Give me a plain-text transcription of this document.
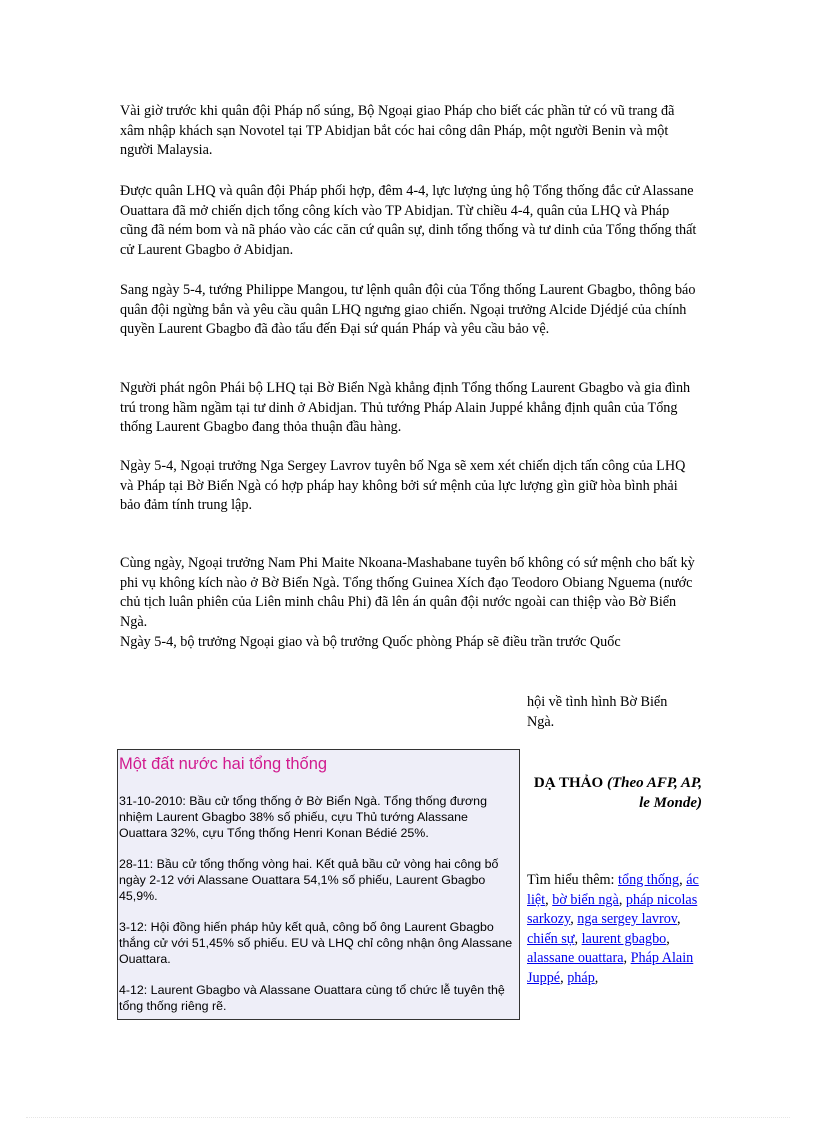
Vài giờ trước khi quân đội Pháp nổ súng, Bộ Ngoại giao Pháp cho biết các phần tử có vũ trang đã xâm nhập khách sạn Novotel tại TP Abidjan bắt cóc hai công dân Pháp, một người Benin và một người Malaysia.

Được quân LHQ và quân đội Pháp phối hợp, đêm 4-4, lực lượng ủng hộ Tổng thống đắc cử Alassane Ouattara đã mở chiến dịch tổng công kích vào TP Abidjan. Từ chiều 4-4, quân của LHQ và Pháp cũng đã ném bom và nã pháo vào các căn cứ quân sự, dinh tổng thống và tư dinh của Tổng thống thất cử Laurent Gbagbo ở Abidjan.

Sang ngày 5-4, tướng Philippe Mangou, tư lệnh quân đội của Tổng thống Laurent Gbagbo, thông báo quân đội ngừng bắn và yêu cầu quân LHQ ngưng giao chiến. Ngoại trưởng Alcide Djédjé của chính quyền Laurent Gbagbo đã đào tẩu đến Đại sứ quán Pháp và yêu cầu bảo vệ.

Người phát ngôn Phái bộ LHQ tại Bờ Biển Ngà khẳng định Tổng thống Laurent Gbagbo và gia đình trú trong hầm ngầm tại tư dinh ở Abidjan. Thủ tướng Pháp Alain Juppé khẳng định quân của Tổng thống Laurent Gbagbo đang thỏa thuận đầu hàng.

Ngày 5-4, Ngoại trưởng Nga Sergey Lavrov tuyên bố Nga sẽ xem xét chiến dịch tấn công của LHQ và Pháp tại Bờ Biển Ngà có hợp pháp hay không bởi sứ mệnh của lực lượng gìn giữ hòa bình phải bảo đảm tính trung lập.

Cùng ngày, Ngoại trưởng Nam Phi Maite Nkoana-Mashabane tuyên bố không có sứ mệnh cho bất kỳ phi vụ không kích nào ở Bờ Biển Ngà. Tổng thống Guinea Xích đạo Teodoro Obiang Nguema (nước chủ tịch luân phiên của Liên minh châu Phi) đã lên án quân đội nước ngoài can thiệp vào Bờ Biển Ngà.

Ngày 5-4, bộ trưởng Ngoại giao và bộ trưởng Quốc phòng Pháp sẽ điều trần trước Quốc

hội về tình hình Bờ Biển Ngà.

Một đất nước hai tổng thống

31-10-2010: Bầu cử tổng thống ở Bờ Biển Ngà. Tổng thống đương nhiệm Laurent Gbagbo 38% số phiếu, cựu Thủ tướng Alassane Ouattara 32%, cựu Tổng thống Henri Konan Bédié 25%.

28-11: Bầu cử tổng thống vòng hai. Kết quả bầu cử vòng hai công bố ngày 2-12 với Alassane Ouattara 54,1% số phiếu, Laurent Gbagbo 45,9%.

3-12: Hội đồng hiến pháp hủy kết quả, công bố ông Laurent Gbagbo thắng cử với 51,45% số phiếu. EU và LHQ chỉ công nhận ông Alassane Ouattara.

4-12: Laurent Gbagbo và Alassane Ouattara cùng tổ chức lễ tuyên thệ tổng thống riêng rẽ.

DẠ THẢO (Theo AFP, AP, le Monde)

Tìm hiểu thêm: tổng thống, ác liệt, bờ biển ngà, pháp nicolas sarkozy, nga sergey lavrov, chiến sự, laurent gbagbo, alassane ouattara, Pháp Alain Juppé, pháp,
